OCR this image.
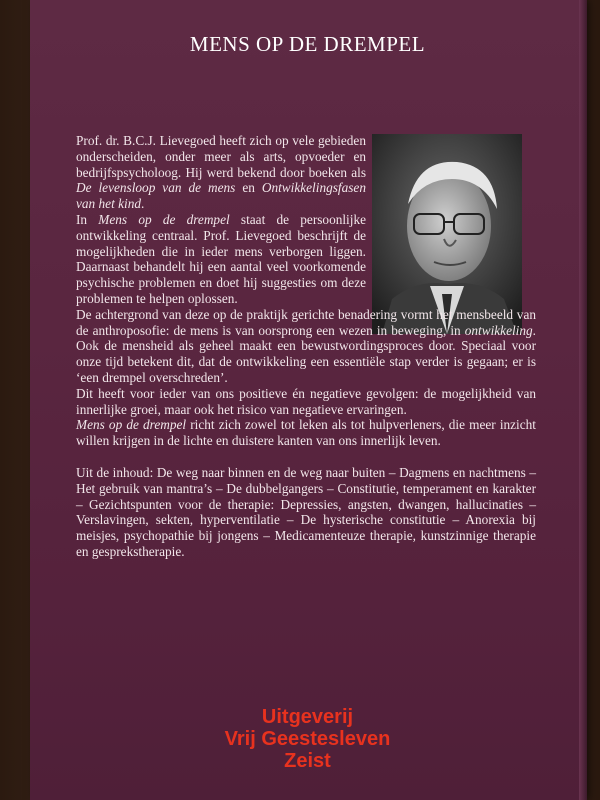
MENS OP DE DREMPEL

Prof. dr. B.C.J. Lievegoed heeft zich op vele gebieden onderscheiden, onder meer als arts, opvoeder en bedrijfspsycholoog. Hij werd bekend door boeken als De levensloop van de mens en Ontwikkelingsfasen van het kind.

In Mens op de drempel staat de persoonlijke ontwikkeling centraal. Prof. Lievegoed beschrijft de mogelijkheden die in ieder mens verborgen liggen. Daarnaast behandelt hij een aantal veel voorkomende psychische problemen en doet hij suggesties om deze problemen te helpen oplossen.

De achtergrond van deze op de praktijk gerichte benadering vormt het mensbeeld van de anthroposofie: de mens is van oorsprong een wezen in beweging, in ontwikkeling. Ook de mensheid als geheel maakt een bewustwordingsproces door. Speciaal voor onze tijd betekent dit, dat de ontwikkeling een essentiële stap verder is gegaan; er is ‘een drempel overschreden’.

Dit heeft voor ieder van ons positieve én negatieve gevolgen: de mogelijkheid van innerlijke groei, maar ook het risico van negatieve ervaringen.

Mens op de drempel richt zich zowel tot leken als tot hulpverleners, die meer inzicht willen krijgen in de lichte en duistere kanten van ons innerlijk leven.

Uit de inhoud: De weg naar binnen en de weg naar buiten – Dagmens en nachtmens – Het gebruik van mantra’s – De dubbelgangers – Constitutie, temperament en karakter – Gezichtspunten voor de therapie: Depressies, angsten, dwangen, hallucinaties – Verslavingen, sekten, hyperventilatie – De hysterische constitutie – Anorexia bij meisjes, psychopathie bij jongens – Medicamenteuze therapie, kunstzinnige therapie en gesprekstherapie.

Uitgeverij
Vrij Geestesleven
Zeist
